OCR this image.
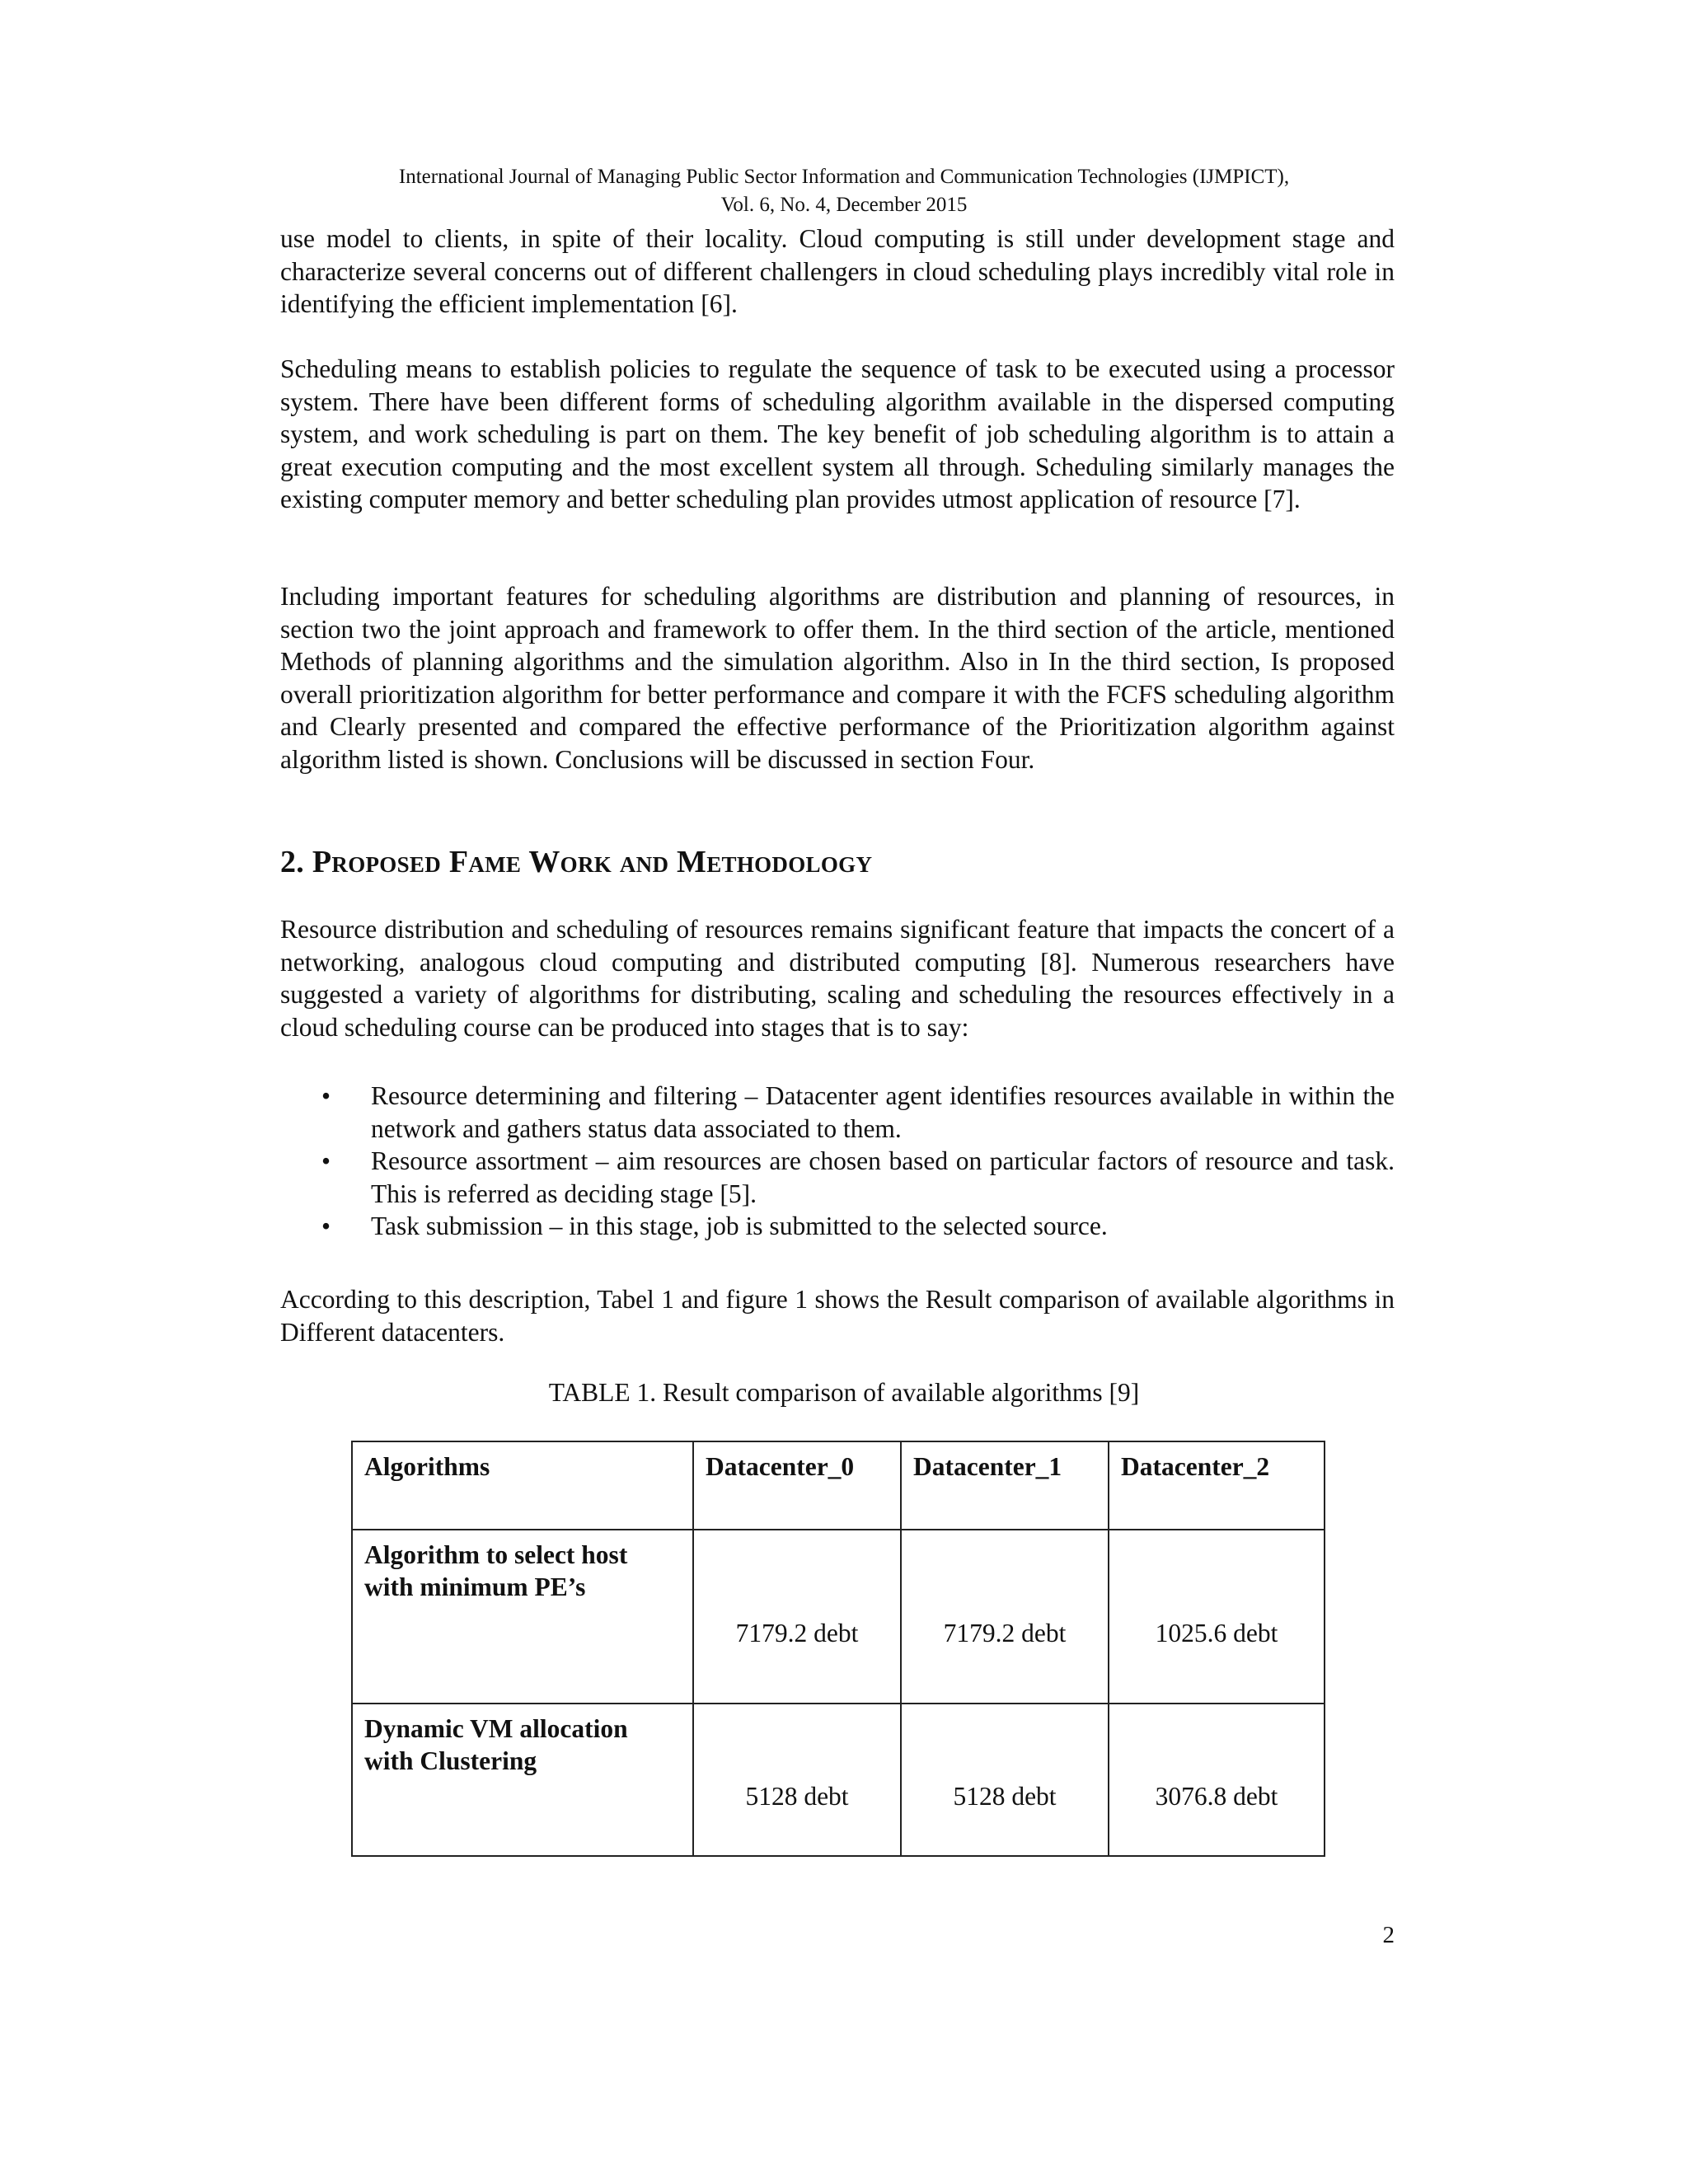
International Journal of Managing Public Sector Information and Communication Technologies (IJMPICT),
Vol. 6, No. 4, December 2015

use model to clients, in spite of their locality. Cloud computing is still under development stage and characterize several concerns out of different challengers in cloud scheduling plays incredibly vital role in identifying the efficient implementation [6].

Scheduling means to establish policies to regulate the sequence of task to be executed using a processor system. There have been different forms of scheduling algorithm available in the dispersed computing system, and work scheduling is part on them. The key benefit of job scheduling algorithm is to attain a great execution computing and the most excellent system all through. Scheduling similarly manages the existing computer memory and better scheduling plan provides utmost application of resource [7].

Including important features for scheduling algorithms are distribution and planning of resources, in section two the joint approach and framework to offer them. In the third section of the article, mentioned Methods of planning algorithms and the simulation algorithm. Also in In the third section, Is proposed overall prioritization algorithm for better performance and compare it with the FCFS scheduling algorithm and Clearly presented and compared the effective performance of the Prioritization algorithm against algorithm listed is shown. Conclusions will be discussed in section Four.

2. Proposed Fame Work and Methodology

Resource distribution and scheduling of resources remains significant feature that impacts the concert of a networking, analogous cloud computing and distributed computing [8]. Numerous researchers have suggested a variety of algorithms for distributing, scaling and scheduling the resources effectively in a cloud scheduling course can be produced into stages that is to say:

• Resource determining and filtering – Datacenter agent identifies resources available in within the network and gathers status data associated to them.
• Resource assortment – aim resources are chosen based on particular factors of resource and task. This is referred as deciding stage [5].
• Task submission – in this stage, job is submitted to the selected source.

According to this description, Tabel 1 and figure 1 shows the Result comparison of available algorithms in Different datacenters.

TABLE 1. Result comparison of available algorithms [9]
Algorithms	Datacenter_0	Datacenter_1	Datacenter_2
Algorithm to select host with minimum PE’s	7179.2 debt	7179.2 debt	1025.6 debt
Dynamic VM allocation with Clustering	5128 debt	5128 debt	3076.8 debt
2
